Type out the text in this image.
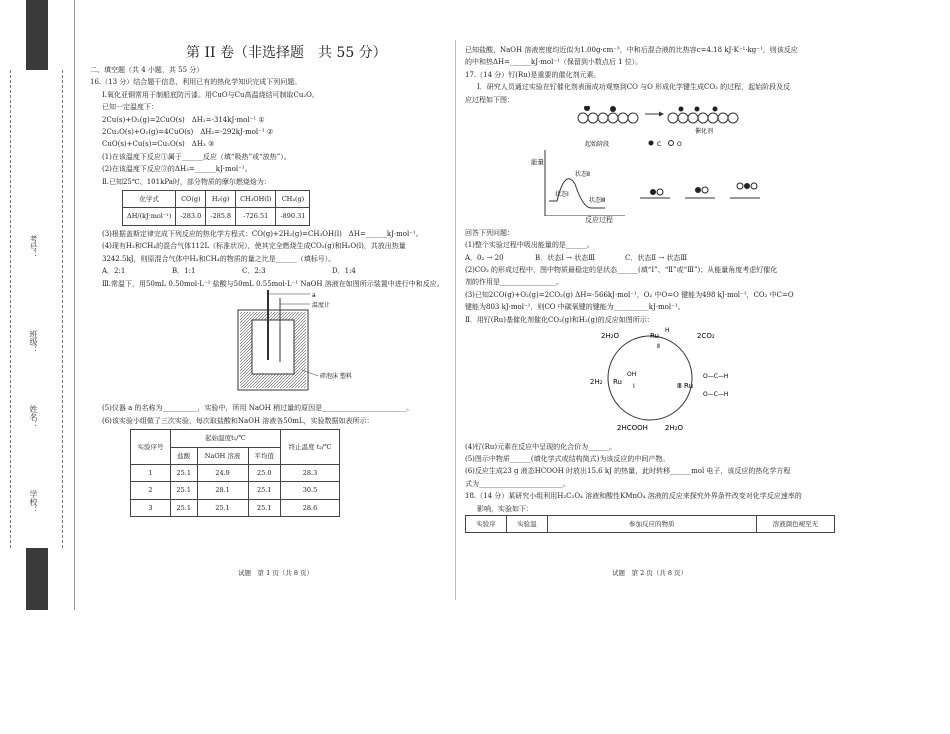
考号：
班级：
姓名：
学校：

第 II 卷（非选择题　共 55 分）

二、填空题（共 4 小题，共 55 分）

16.（13 分）结合题干信息，利用已有的热化学知识完成下列问题。

Ⅰ.氧化亚铜常用于制船底防污漆。用CuO与Cu高温烧结可制取Cu₂O。

已知一定温度下：

2Cu(s)+O₂(g)=2CuO(s)　ΔH₁=-314kJ·mol⁻¹ ①

2Cu₂O(s)+O₂(g)=4CuO(s)　ΔH₂=-292kJ·mol⁻¹ ②

CuO(s)+Cu(s)=Cu₂O(s)　ΔH₃ ③

(1)在该温度下反应①属于______反应（填“吸热”或“放热”）。

(2)在该温度下反应③的ΔH₃=______kJ·mol⁻¹。

Ⅱ.已知25℃、101kPa时，部分物质的摩尔燃烧焓为：

化学式	CO(g)	H₂(g)	CH₃OH(l)	CH₄(g)
ΔH/(kJ·mol⁻¹)	-283.0	-285.8	-726.51	-890.31

(3)根据盖斯定律完成下列反应的热化学方程式：CO(g)+2H₂(g)=CH₃OH(l)　ΔH=______kJ·mol⁻¹。

(4)现有H₂和CH₄的混合气体112L（标准状况），使其完全燃烧生成CO₂(g)和H₂O(l)，共放出热量

3242.5kJ，则原混合气体中H₂和CH₄的物质的量之比是______（填标号）。

A．2:1	B．1:1	C．2:3	D．1:4

Ⅲ.常温下，用50mL 0.50mol·L⁻¹ 盐酸与50mL 0.55mol·L⁻¹ NaOH 溶液在如图所示装置中进行中和反应。

a
温度计
碎泡沫 塑料

(5)仪器 a 的名称为__________，实验中，所用 NaOH 稍过量的原因是________________________。

(6)该实验小组做了三次实验，每次取盐酸和NaOH 溶液各50mL，实验数据如表所示：

实验序号	起始温度t₁/℃			终止温度 t₂/℃
	盐酸	NaOH 溶液	平均值	
1	25.1	24.9	25.0	28.3
2	25.1	28.1	25.1	30.5
3	25.1	25.1	25.1	28.6
试题　第 1 页（共 8 页）

已知盐酸、NaOH 溶液密度均近似为1.00g·cm⁻³，中和后混合液的比热容c=4.18 kJ·K⁻¹·kg⁻¹，则该反应

的中和热ΔH=______kJ·mol⁻¹（保留到小数点后 1 位）。

17.（14 分）钌(Ru)是重要的催化剂元素。

Ⅰ．研究人员通过实验在钌催化剂表面成功观察到CO 与O 形成化学键生成CO₂ 的过程，起始阶段及反

应过程如下图：

催化剂
起始阶段	C	O
能量
状态Ⅱ
状态Ⅰ
状态Ⅲ

反应过程

回答下列问题：

(1)整个实验过程中吸出能量的是______。

A．0₂ → 20	B．状态Ⅰ → 状态Ⅲ	C．状态Ⅱ → 状态Ⅲ

(2)CO₂ 的形成过程中，图中物质最稳定的是状态______(填“Ⅰ”、“Ⅱ”或“Ⅲ”)；从能量角度考虑钌催化

剂的作用是________________。

(3)已知2CO(g)+O₂(g)=2CO₂(g) ΔH=-566kJ·mol⁻¹，O₂ 中O=O 键能为498 kJ·mol⁻¹，CO₂ 中C=O

键能为803 kJ·mol⁻¹，则CO 中碳氧键的键能为__________kJ·mol⁻¹。

Ⅱ．用钌(Ru)基催化剂催化CO₂(g)和H₂(g)的反应如图所示：

2H₂O	Ru
H
Ⅱ
2CO₂
2H₂ Ru
OH
Ⅰ	Ⅲ Ru
O—C—H
O—C—H
2HCOOH 2H₂O

(4)钌(Ru)元素在反应中呈现的化合价为______。

(5)图示中物质______(填化学式或结构简式)为该反应的中间产物。

(6)反应生成23 g 液态HCOOH 时放出15.6 kJ 的热量，此时转移______mol 电子，该反应的热化学方程

式为________________________。

18.（14 分）某研究小组利用H₂C₂O₄ 溶液和酸性KMnO₄ 溶液的反应来探究外界条件改变对化学反应速率的

影响，实验如下：

实验序	实验温	参加反应的物质	溶液颜色褪至无
试题　第 2 页（共 8 页）
